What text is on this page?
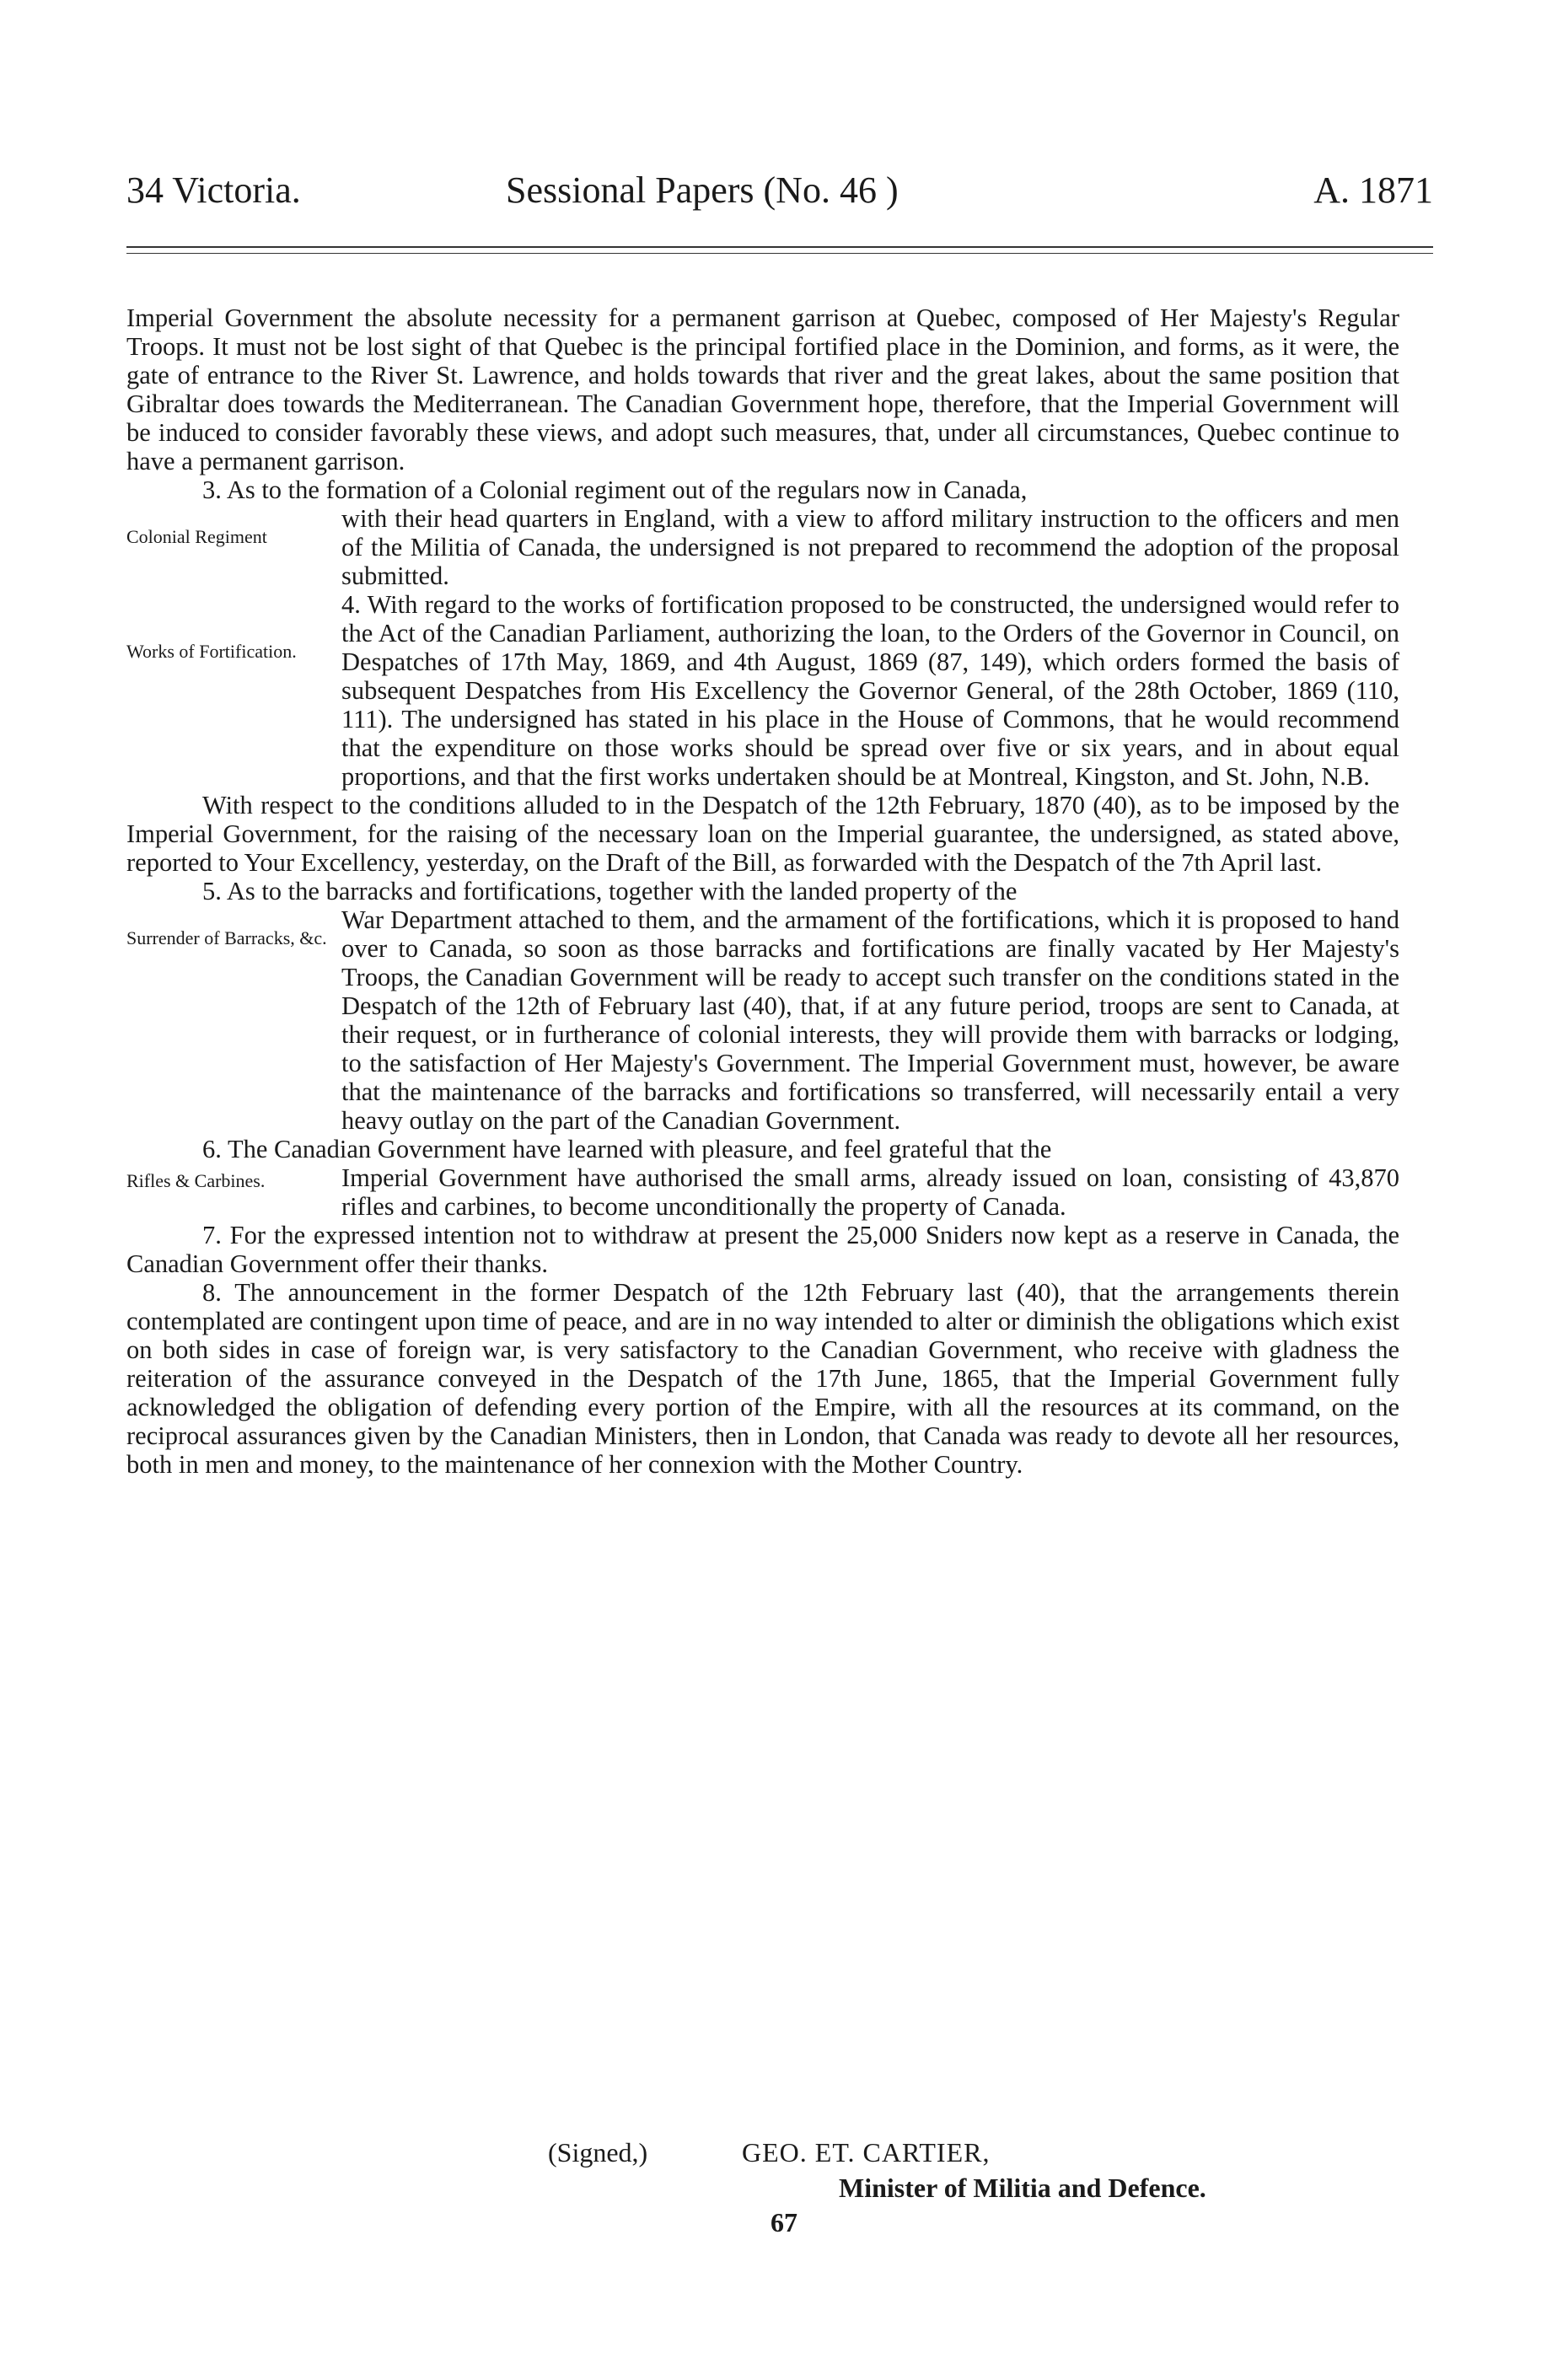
34 Victoria.	Sessional Papers (No. 46 )	A. 1871

Imperial Government the absolute necessity for a permanent garrison at Quebec, composed of Her Majesty's Regular Troops. It must not be lost sight of that Quebec is the principal fortified place in the Dominion, and forms, as it were, the gate of entrance to the River St. Lawrence, and holds towards that river and the great lakes, about the same position that Gibraltar does towards the Mediterranean. The Canadian Government hope, therefore, that the Imperial Government will be induced to consider favorably these views, and adopt such measures, that, under all circumstances, Quebec continue to have a permanent garrison.

3. As to the formation of a Colonial regiment out of the regulars now in Canada,

Colonial Regiment
with their head quarters in England, with a view to afford military instruction to the officers and men of the Militia of Canada, the undersigned is not prepared to recommend the adoption of the proposal submitted.
Works of Fortification.
4. With regard to the works of fortification proposed to be constructed, the undersigned would refer to the Act of the Canadian Parliament, authorizing the loan, to the Orders of the Governor in Council, on Despatches of 17th May, 1869, and 4th August, 1869 (87, 149), which orders formed the basis of subsequent Despatches from His Excellency the Governor General, of the 28th October, 1869 (110, 111). The undersigned has stated in his place in the House of Commons, that he would recommend that the expenditure on those works should be spread over five or six years, and in about equal proportions, and that the first works undertaken should be at Montreal, Kingston, and St. John, N.B.

With respect to the conditions alluded to in the Despatch of the 12th February, 1870 (40), as to be imposed by the Imperial Government, for the raising of the necessary loan on the Imperial guarantee, the undersigned, as stated above, reported to Your Excellency, yesterday, on the Draft of the Bill, as forwarded with the Despatch of the 7th April last.

5. As to the barracks and fortifications, together with the landed property of the

Surrender of Barracks, &c.
War Department attached to them, and the armament of the fortifications, which it is proposed to hand over to Canada, so soon as those barracks and fortifications are finally vacated by Her Majesty's Troops, the Canadian Government will be ready to accept such transfer on the conditions stated in the Despatch of the 12th of February last (40), that, if at any future period, troops are sent to Canada, at their request, or in furtherance of colonial interests, they will provide them with barracks or lodging, to the satisfaction of Her Majesty's Government. The Imperial Government must, however, be aware that the maintenance of the barracks and fortifications so transferred, will necessarily entail a very heavy outlay on the part of the Canadian Government.

6. The Canadian Government have learned with pleasure, and feel grateful that the

Rifles & Carbines.	Imperial Government have authorised the small arms, already issued on loan, consisting of 43,870 rifles and carbines, to become unconditionally the property of Canada.

7. For the expressed intention not to withdraw at present the 25,000 Sniders now kept as a reserve in Canada, the Canadian Government offer their thanks.

8. The announcement in the former Despatch of the 12th February last (40), that the arrangements therein contemplated are contingent upon time of peace, and are in no way intended to alter or diminish the obligations which exist on both sides in case of foreign war, is very satisfactory to the Canadian Government, who receive with gladness the reiteration of the assurance conveyed in the Despatch of the 17th June, 1865, that the Imperial Government fully acknowledged the obligation of defending every portion of the Empire, with all the resources at its command, on the reciprocal assurances given by the Canadian Ministers, then in London, that Canada was ready to devote all her resources, both in men and money, to the maintenance of her connexion with the Mother Country.

(Signed,)	GEO. ET. CARTIER,
Minister of Militia and Defence.
67
